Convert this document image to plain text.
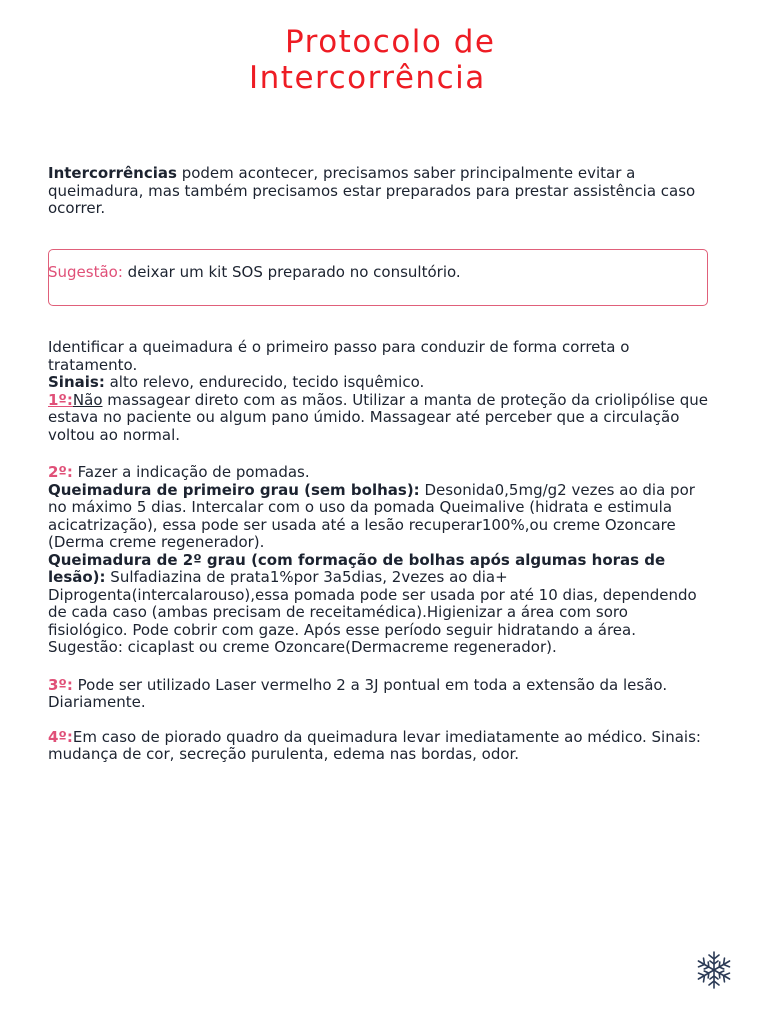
Protocolo de
Intercorrência
Intercorrências podem acontecer, precisamos saber principalmente evitar a queimadura, mas também precisamos estar preparados para prestar assistência caso ocorrer.
Sugestão: deixar um kit SOS preparado no consultório.

Identificar a queimadura é o primeiro passo para conduzir de forma correta o tratamento.

Sinais: alto relevo, endurecido, tecido isquêmico.

1º:Não massagear direto com as mãos. Utilizar a manta de proteção da criolipólise que estava no paciente ou algum pano úmido. Massagear até perceber que a circulação voltou ao normal.

2º: Fazer a indicação de pomadas.

Queimadura de primeiro grau (sem bolhas): Desonida0,5mg/g2 vezes ao dia por no máximo 5 dias. Intercalar com o uso da pomada Queimalive (hidrata e estimula acicatrização), essa pode ser usada até a lesão recuperar100%,ou creme Ozoncare (Derma creme regenerador).

Queimadura de 2º grau (com formação de bolhas após algumas horas de lesão): Sulfadiazina de prata1%por 3a5dias, 2vezes ao dia+ Diprogenta(intercalarouso),essa pomada pode ser usada por até 10 dias, dependendo de cada caso (ambas precisam de receitamédica).Higienizar a área com soro fisiológico. Pode cobrir com gaze. Após esse período seguir hidratando a área. Sugestão: cicaplast ou creme Ozoncare(Dermacreme regenerador).

3º: Pode ser utilizado Laser vermelho 2 a 3J pontual em toda a extensão da lesão. Diariamente.

4º:Em caso de piorado quadro da queimadura levar imediatamente ao médico. Sinais: mudança de cor, secreção purulenta, edema nas bordas, odor.
